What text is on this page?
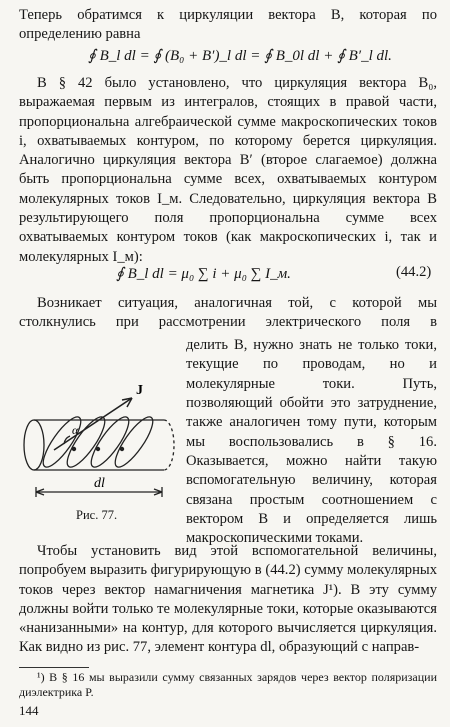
Теперь обратимся к циркуляции вектора B, которая по определению равна

∮ B_l dl = ∮ (B₀ + B′)_l dl = ∮ B_0l dl + ∮ B′_l dl.

В § 42 было установлено, что циркуляция вектора B₀, выражаемая первым из интегралов, стоящих в правой части, пропорциональна алгебраической сумме макроскопических токов i, охватываемых контуром, по которому берется циркуляция. Аналогично циркуляция вектора B′ (второе слагаемое) должна быть пропорциональна сумме всех, охватываемых контуром молекулярных токов I_м. Следовательно, циркуляция вектора B результирующего поля пропорциональна сумме всех охватываемых контуром токов (как макроскопических i, так и молекулярных I_м):

∮ B_l dl = μ₀ ∑ i + μ₀ ∑ I_м.	(44.2)

Возникает ситуация, аналогичная той, с которой мы столкнулись при рассмотрении электрического поля в

делить B, нужно знать не только токи, текущие по проводам, но и молекулярные токи. Путь, позволяющий обойти это затруднение, также аналогичен тому пути, которым мы воспользовались в § 16. Оказывается, можно найти такую вспомогательную величину, которая связана простым соотношением с вектором B и определяется лишь макроскопическими токами.

J
α
dl
Рис. 77.

Чтобы установить вид этой вспомогательной величины, попробуем выразить фигурирующую в (44.2) сумму молекулярных токов через вектор намагничения магнетика J¹). В эту сумму должны войти только те молекулярные токи, которые оказываются «нанизанными» на контур, для которого вычисляется циркуляция. Как видно из рис. 77, элемент контура dl, образующий с направ-

¹) В § 16 мы выразили сумму связанных зарядов через вектор поляризации диэлектрика P.

144
